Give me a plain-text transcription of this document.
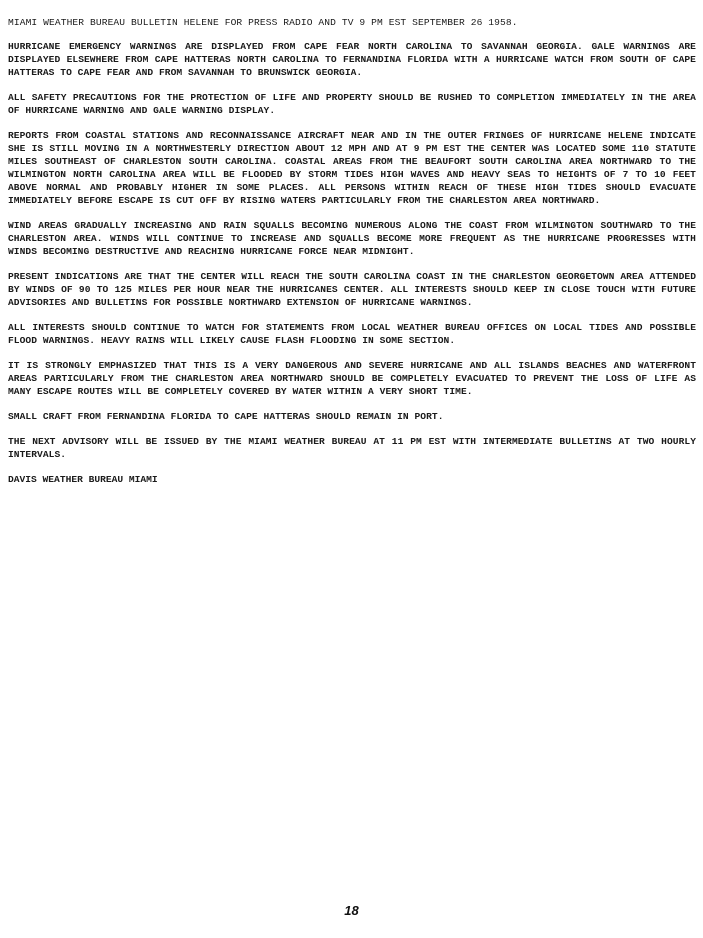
MIAMI WEATHER BUREAU BULLETIN HELENE FOR PRESS RADIO AND TV 9 PM EST SEPTEMBER 26 1958.

HURRICANE EMERGENCY WARNINGS ARE DISPLAYED FROM CAPE FEAR NORTH CAROLINA TO SAVANNAH GEORGIA. GALE WARNINGS ARE DISPLAYED ELSEWHERE FROM CAPE HATTERAS NORTH CAROLINA TO FERNANDINA FLORIDA WITH A HURRICANE WATCH FROM SOUTH OF CAPE HATTERAS TO CAPE FEAR AND FROM SAVANNAH TO BRUNSWICK GEORGIA.

ALL SAFETY PRECAUTIONS FOR THE PROTECTION OF LIFE AND PROPERTY SHOULD BE RUSHED TO COMPLETION IMMEDIATELY IN THE AREA OF HURRICANE WARNING AND GALE WARNING DISPLAY.

REPORTS FROM COASTAL STATIONS AND RECONNAISSANCE AIRCRAFT NEAR AND IN THE OUTER FRINGES OF HURRICANE HELENE INDICATE SHE IS STILL MOVING IN A NORTHWESTERLY DIRECTION ABOUT 12 MPH AND AT 9 PM EST THE CENTER WAS LOCATED SOME 110 STATUTE MILES SOUTHEAST OF CHARLESTON SOUTH CAROLINA. COASTAL AREAS FROM THE BEAUFORT SOUTH CAROLINA AREA NORTHWARD TO THE WILMINGTON NORTH CAROLINA AREA WILL BE FLOODED BY STORM TIDES HIGH WAVES AND HEAVY SEAS TO HEIGHTS OF 7 TO 10 FEET ABOVE NORMAL AND PROBABLY HIGHER IN SOME PLACES. ALL PERSONS WITHIN REACH OF THESE HIGH TIDES SHOULD EVACUATE IMMEDIATELY BEFORE ESCAPE IS CUT OFF BY RISING WATERS PARTICULARLY FROM THE CHARLESTON AREA NORTHWARD.

WIND AREAS GRADUALLY INCREASING AND RAIN SQUALLS BECOMING NUMEROUS ALONG THE COAST FROM WILMINGTON SOUTHWARD TO THE CHARLESTON AREA. WINDS WILL CONTINUE TO INCREASE AND SQUALLS BECOME MORE FREQUENT AS THE HURRICANE PROGRESSES WITH WINDS BECOMING DESTRUCTIVE AND REACHING HURRICANE FORCE NEAR MIDNIGHT.

PRESENT INDICATIONS ARE THAT THE CENTER WILL REACH THE SOUTH CAROLINA COAST IN THE CHARLESTON GEORGETOWN AREA ATTENDED BY WINDS OF 90 TO 125 MILES PER HOUR NEAR THE HURRICANES CENTER. ALL INTERESTS SHOULD KEEP IN CLOSE TOUCH WITH FUTURE ADVISORIES AND BULLETINS FOR POSSIBLE NORTHWARD EXTENSION OF HURRICANE WARNINGS.

ALL INTERESTS SHOULD CONTINUE TO WATCH FOR STATEMENTS FROM LOCAL WEATHER BUREAU OFFICES ON LOCAL TIDES AND POSSIBLE FLOOD WARNINGS. HEAVY RAINS WILL LIKELY CAUSE FLASH FLOODING IN SOME SECTION.

IT IS STRONGLY EMPHASIZED THAT THIS IS A VERY DANGEROUS AND SEVERE HURRICANE AND ALL ISLANDS BEACHES AND WATERFRONT AREAS PARTICULARLY FROM THE CHARLESTON AREA NORTHWARD SHOULD BE COMPLETELY EVACUATED TO PREVENT THE LOSS OF LIFE AS MANY ESCAPE ROUTES WILL BE COMPLETELY COVERED BY WATER WITHIN A VERY SHORT TIME.

SMALL CRAFT FROM FERNANDINA FLORIDA TO CAPE HATTERAS SHOULD REMAIN IN PORT.

THE NEXT ADVISORY WILL BE ISSUED BY THE MIAMI WEATHER BUREAU AT 11 PM EST WITH INTERMEDIATE BULLETINS AT TWO HOURLY INTERVALS.

DAVIS WEATHER BUREAU MIAMI

18
